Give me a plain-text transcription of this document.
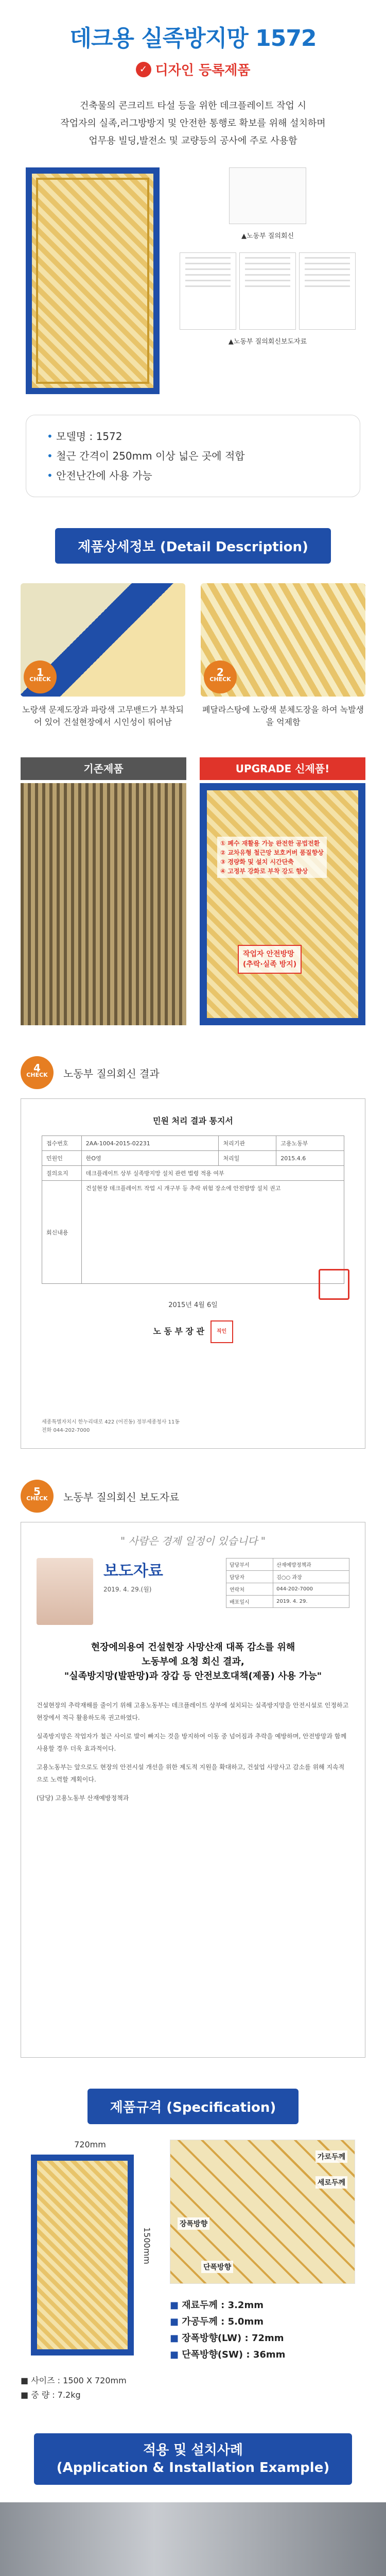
데크용 실족방지망 1572
✓ 디자인 등록제품
건축물의 콘크리트 타설 등을 위한 데크플레이트 작업 시
작업자의 실족,러그방방지 및 안전한 통행로 확보를 위해 설치하며
업무용 빌딩,발전소 및 교량등의 공사에 주로 사용함
▲노동부 질의회신
▲노동부 질의회신보도자료
• 모델명 : 1572
• 철근 간격이 250mm 이상 넓은 곳에 적합
• 안전난간에 사용 가능
제품상세정보 (Detail Description)
1
CHECK
노랑색 문제도장과 파랑색 고무밴드가 부착되어 있어 건설현장에서 시인성이 뛰어남
2
CHECK
폐달라스탕에 노랑색 분체도장을 하여 녹발생을 억제함
기존제품	UPGRADE 신제품!
① 폐수 재활용 가능 완전한 공법전환
② 교차유형 철근망 보호커버 품질향상
③ 경량화 및 설치 시간단축
④ 고정부 강화로 부착 강도 향상
작업자 안전방망
(추락·실족 방지)
4
CHECK 노동부 질의회신 결과
민원 처리 결과 통지서
접수번호	2AA-1004-2015-02231	처리기관	고용노동부
민원인	한O영	처리일	2015.4.6
질의요지	데크플레이트 상부 실족방지망 설치 관련 법령 적용 여부		
회신내용	건설현장 데크플레이트 작업 시 개구부 등 추락 위험 장소에 안전방망 설치 권고		
2015년 4월 6일
노 동 부 장 관 직인
세종특별자치시 한누리대로 422 (어진동) 정부세종청사 11동
전화 044-202-7000
5
CHECK 노동부 질의회신 보도자료
" 사람은 경제 일정이 있습니다 "
보도자료
2019. 4. 29.(월)
담당부서	산재예방정책과
담당자	김○○ 과장
연락처	044-202-7000
배포일시	2019. 4. 29.
현장에의용여 건설현장 사망산재 대폭 감소를 위해
노동부에 요청 회신 결과,
"실족방지망(발판망)과 장갑 등 안전보호대책(제품) 사용 가능"

건설현장의 추락재해를 줄이기 위해 고용노동부는 데크플레이트 상부에 설치되는 실족방지망을 안전시설로 인정하고 현장에서 적극 활용하도록 권고하였다.

실족방지망은 작업자가 철근 사이로 발이 빠지는 것을 방지하여 이동 중 넘어짐과 추락을 예방하며, 안전방망과 함께 사용할 경우 더욱 효과적이다.

고용노동부는 앞으로도 현장의 안전시설 개선을 위한 제도적 지원을 확대하고, 건설업 사망사고 감소를 위해 지속적으로 노력할 계획이다.

(담당) 고용노동부 산재예방정책과

제품규격 (Specification)
720mm
1500mm
가로두께
세로두께
장폭방향
단폭방향
■ 재료두께 : 3.2mm
■ 가공두께 : 5.0mm
■ 장폭방향(LW) : 72mm
■ 단폭방향(SW) : 36mm
■ 사이즈 : 1500 X 720mm
■ 중 량 : 7.2kg
적용 및 설치사례
(Application & Installation Example)
